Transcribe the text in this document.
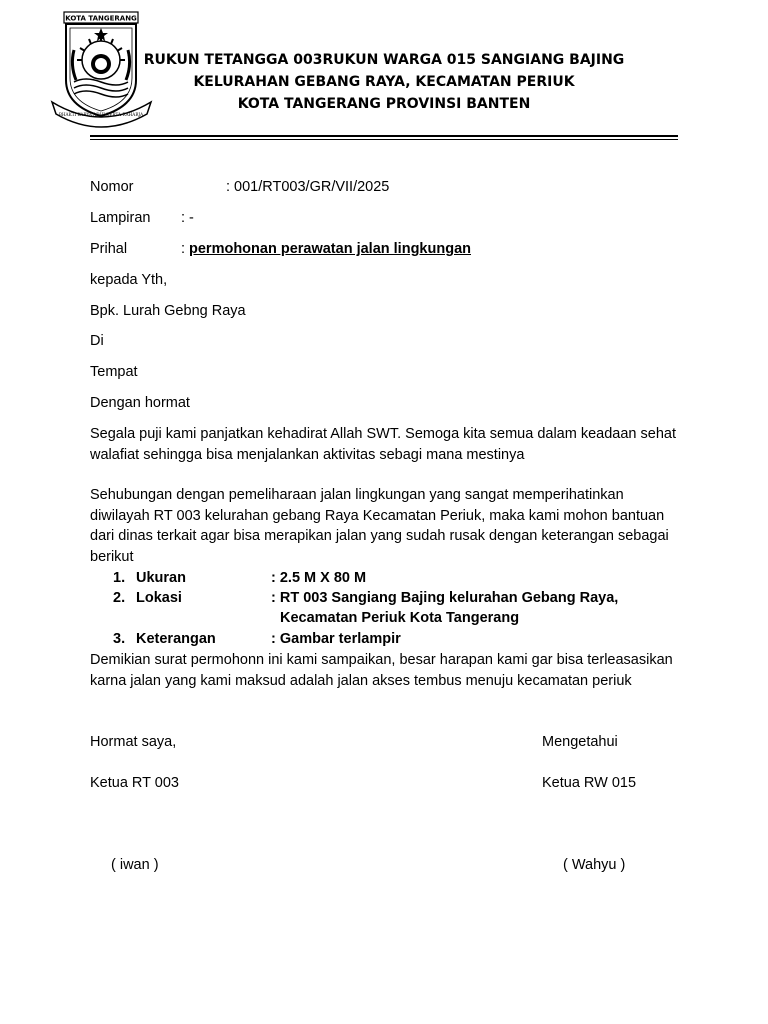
KOTA TANGERANG
BHAKTI KARYA ADHI KERTA RAHARJA
RUKUN TETANGGA 003RUKUN WARGA 015 SANGIANG BAJING
KELURAHAN GEBANG RAYA, KECAMATAN PERIUK
KOTA TANGERANG PROVINSI BANTEN
Nomor	: 001/RT003/GR/VII/2025
Lampiran : -
Prihal	: permohonan perawatan jalan lingkungan
kepada Yth,
Bpk. Lurah Gebng Raya
Di
Tempat
Dengan hormat
Segala puji kami panjatkan kehadirat Allah SWT. Semoga kita semua dalam keadaan sehat walafiat sehingga bisa menjalankan aktivitas sebagi mana mestinya
Sehubungan dengan pemeliharaan jalan lingkungan yang sangat memperihatinkan diwilayah RT 003 kelurahan gebang Raya Kecamatan Periuk, maka kami mohon bantuan dari dinas terkait agar bisa merapikan jalan yang sudah rusak dengan keterangan sebagai berikut
1. Ukuran	: 2.5 M X 80 M
2. Lokasi	: RT 003 Sangiang Bajing kelurahan Gebang Raya,
Kecamatan Periuk Kota Tangerang
3. Keterangan	: Gambar terlampir
Demikian surat permohonn ini kami sampaikan, besar harapan kami gar bisa terleasasikan karna jalan yang kami maksud adalah jalan akses tembus menuju kecamatan periuk
Hormat saya,	Mengetahui
Ketua RT 003	Ketua RW 015
( iwan )	( Wahyu )
